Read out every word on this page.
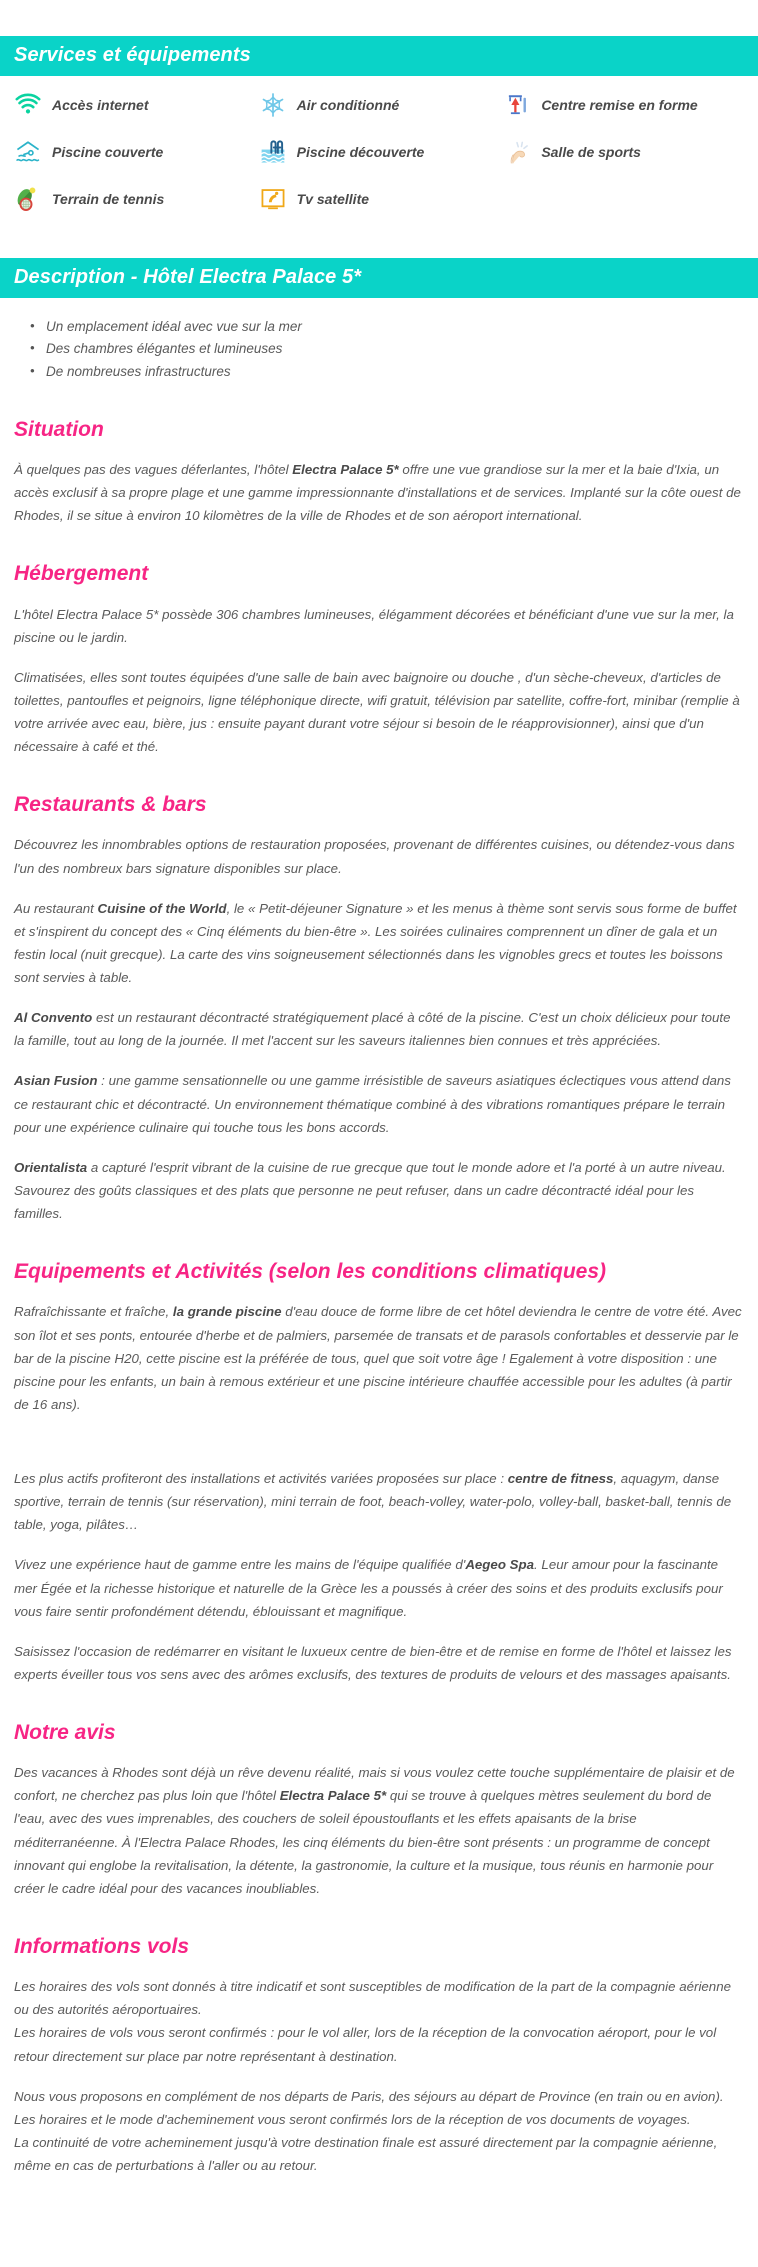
Services et équipements
Accès internet	Air conditionné	Centre remise en forme
Piscine couverte	Piscine découverte	Salle de sports
Terrain de tennis	Tv satellite
Description - Hôtel Electra Palace 5*
• Un emplacement idéal avec vue sur la mer
• Des chambres élégantes et lumineuses
• De nombreuses infrastructures
Situation

À quelques pas des vagues déferlantes, l'hôtel Electra Palace 5* offre une vue grandiose sur la mer et la baie d'Ixia, un accès exclusif à sa propre plage et une gamme impressionnante d'installations et de services. Implanté sur la côte ouest de Rhodes, il se situe à environ 10 kilomètres de la ville de Rhodes et de son aéroport international.

Hébergement

L'hôtel Electra Palace 5* possède 306 chambres lumineuses, élégamment décorées et bénéficiant d'une vue sur la mer, la piscine ou le jardin.

Climatisées, elles sont toutes équipées d'une salle de bain avec baignoire ou douche , d'un sèche-cheveux, d'articles de toilettes, pantoufles et peignoirs, ligne téléphonique directe, wifi gratuit, télévision par satellite, coffre-fort, minibar (remplie à votre arrivée avec eau, bière, jus : ensuite payant durant votre séjour si besoin de le réapprovisionner), ainsi que d'un nécessaire à café et thé.

Restaurants & bars

Découvrez les innombrables options de restauration proposées, provenant de différentes cuisines, ou détendez-vous dans l'un des nombreux bars signature disponibles sur place.

Au restaurant Cuisine of the World, le « Petit-déjeuner Signature » et les menus à thème sont servis sous forme de buffet et s'inspirent du concept des « Cinq éléments du bien-être ». Les soirées culinaires comprennent un dîner de gala et un festin local (nuit grecque). La carte des vins soigneusement sélectionnés dans les vignobles grecs et toutes les boissons sont servies à table.

Al Convento est un restaurant décontracté stratégiquement placé à côté de la piscine. C'est un choix délicieux pour toute la famille, tout au long de la journée. Il met l'accent sur les saveurs italiennes bien connues et très appréciées.

Asian Fusion : une gamme sensationnelle ou une gamme irrésistible de saveurs asiatiques éclectiques vous attend dans ce restaurant chic et décontracté. Un environnement thématique combiné à des vibrations romantiques prépare le terrain pour une expérience culinaire qui touche tous les bons accords.

Orientalista a capturé l'esprit vibrant de la cuisine de rue grecque que tout le monde adore et l'a porté à un autre niveau. Savourez des goûts classiques et des plats que personne ne peut refuser, dans un cadre décontracté idéal pour les familles.

Equipements et Activités (selon les conditions climatiques)

Rafraîchissante et fraîche, la grande piscine d'eau douce de forme libre de cet hôtel deviendra le centre de votre été. Avec son îlot et ses ponts, entourée d'herbe et de palmiers, parsemée de transats et de parasols confortables et desservie par le bar de la piscine H20, cette piscine est la préférée de tous, quel que soit votre âge ! Egalement à votre disposition : une piscine pour les enfants, un bain à remous extérieur et une piscine intérieure chauffée accessible pour les adultes (à partir de 16 ans).

Les plus actifs profiteront des installations et activités variées proposées sur place : centre de fitness, aquagym, danse sportive, terrain de tennis (sur réservation), mini terrain de foot, beach-volley, water-polo, volley-ball, basket-ball, tennis de table, yoga, pilâtes…

Vivez une expérience haut de gamme entre les mains de l'équipe qualifiée d'Aegeo Spa. Leur amour pour la fascinante mer Égée et la richesse historique et naturelle de la Grèce les a poussés à créer des soins et des produits exclusifs pour vous faire sentir profondément détendu, éblouissant et magnifique.

Saisissez l'occasion de redémarrer en visitant le luxueux centre de bien-être et de remise en forme de l'hôtel et laissez les experts éveiller tous vos sens avec des arômes exclusifs, des textures de produits de velours et des massages apaisants.

Notre avis

Des vacances à Rhodes sont déjà un rêve devenu réalité, mais si vous voulez cette touche supplémentaire de plaisir et de confort, ne cherchez pas plus loin que l'hôtel Electra Palace 5* qui se trouve à quelques mètres seulement du bord de l'eau, avec des vues imprenables, des couchers de soleil époustouflants et les effets apaisants de la brise méditerranéenne. À l'Electra Palace Rhodes, les cinq éléments du bien-être sont présents : un programme de concept innovant qui englobe la revitalisation, la détente, la gastronomie, la culture et la musique, tous réunis en harmonie pour créer le cadre idéal pour des vacances inoubliables.

Informations vols

Les horaires des vols sont donnés à titre indicatif et sont susceptibles de modification de la part de la compagnie aérienne ou des autorités aéroportuaires.
Les horaires de vols vous seront confirmés : pour le vol aller, lors de la réception de la convocation aéroport, pour le vol retour directement sur place par notre représentant à destination.

Nous vous proposons en complément de nos départs de Paris, des séjours au départ de Province (en train ou en avion).
Les horaires et le mode d'acheminement vous seront confirmés lors de la réception de vos documents de voyages.
La continuité de votre acheminement jusqu'à votre destination finale est assuré directement par la compagnie aérienne, même en cas de perturbations à l'aller ou au retour.
